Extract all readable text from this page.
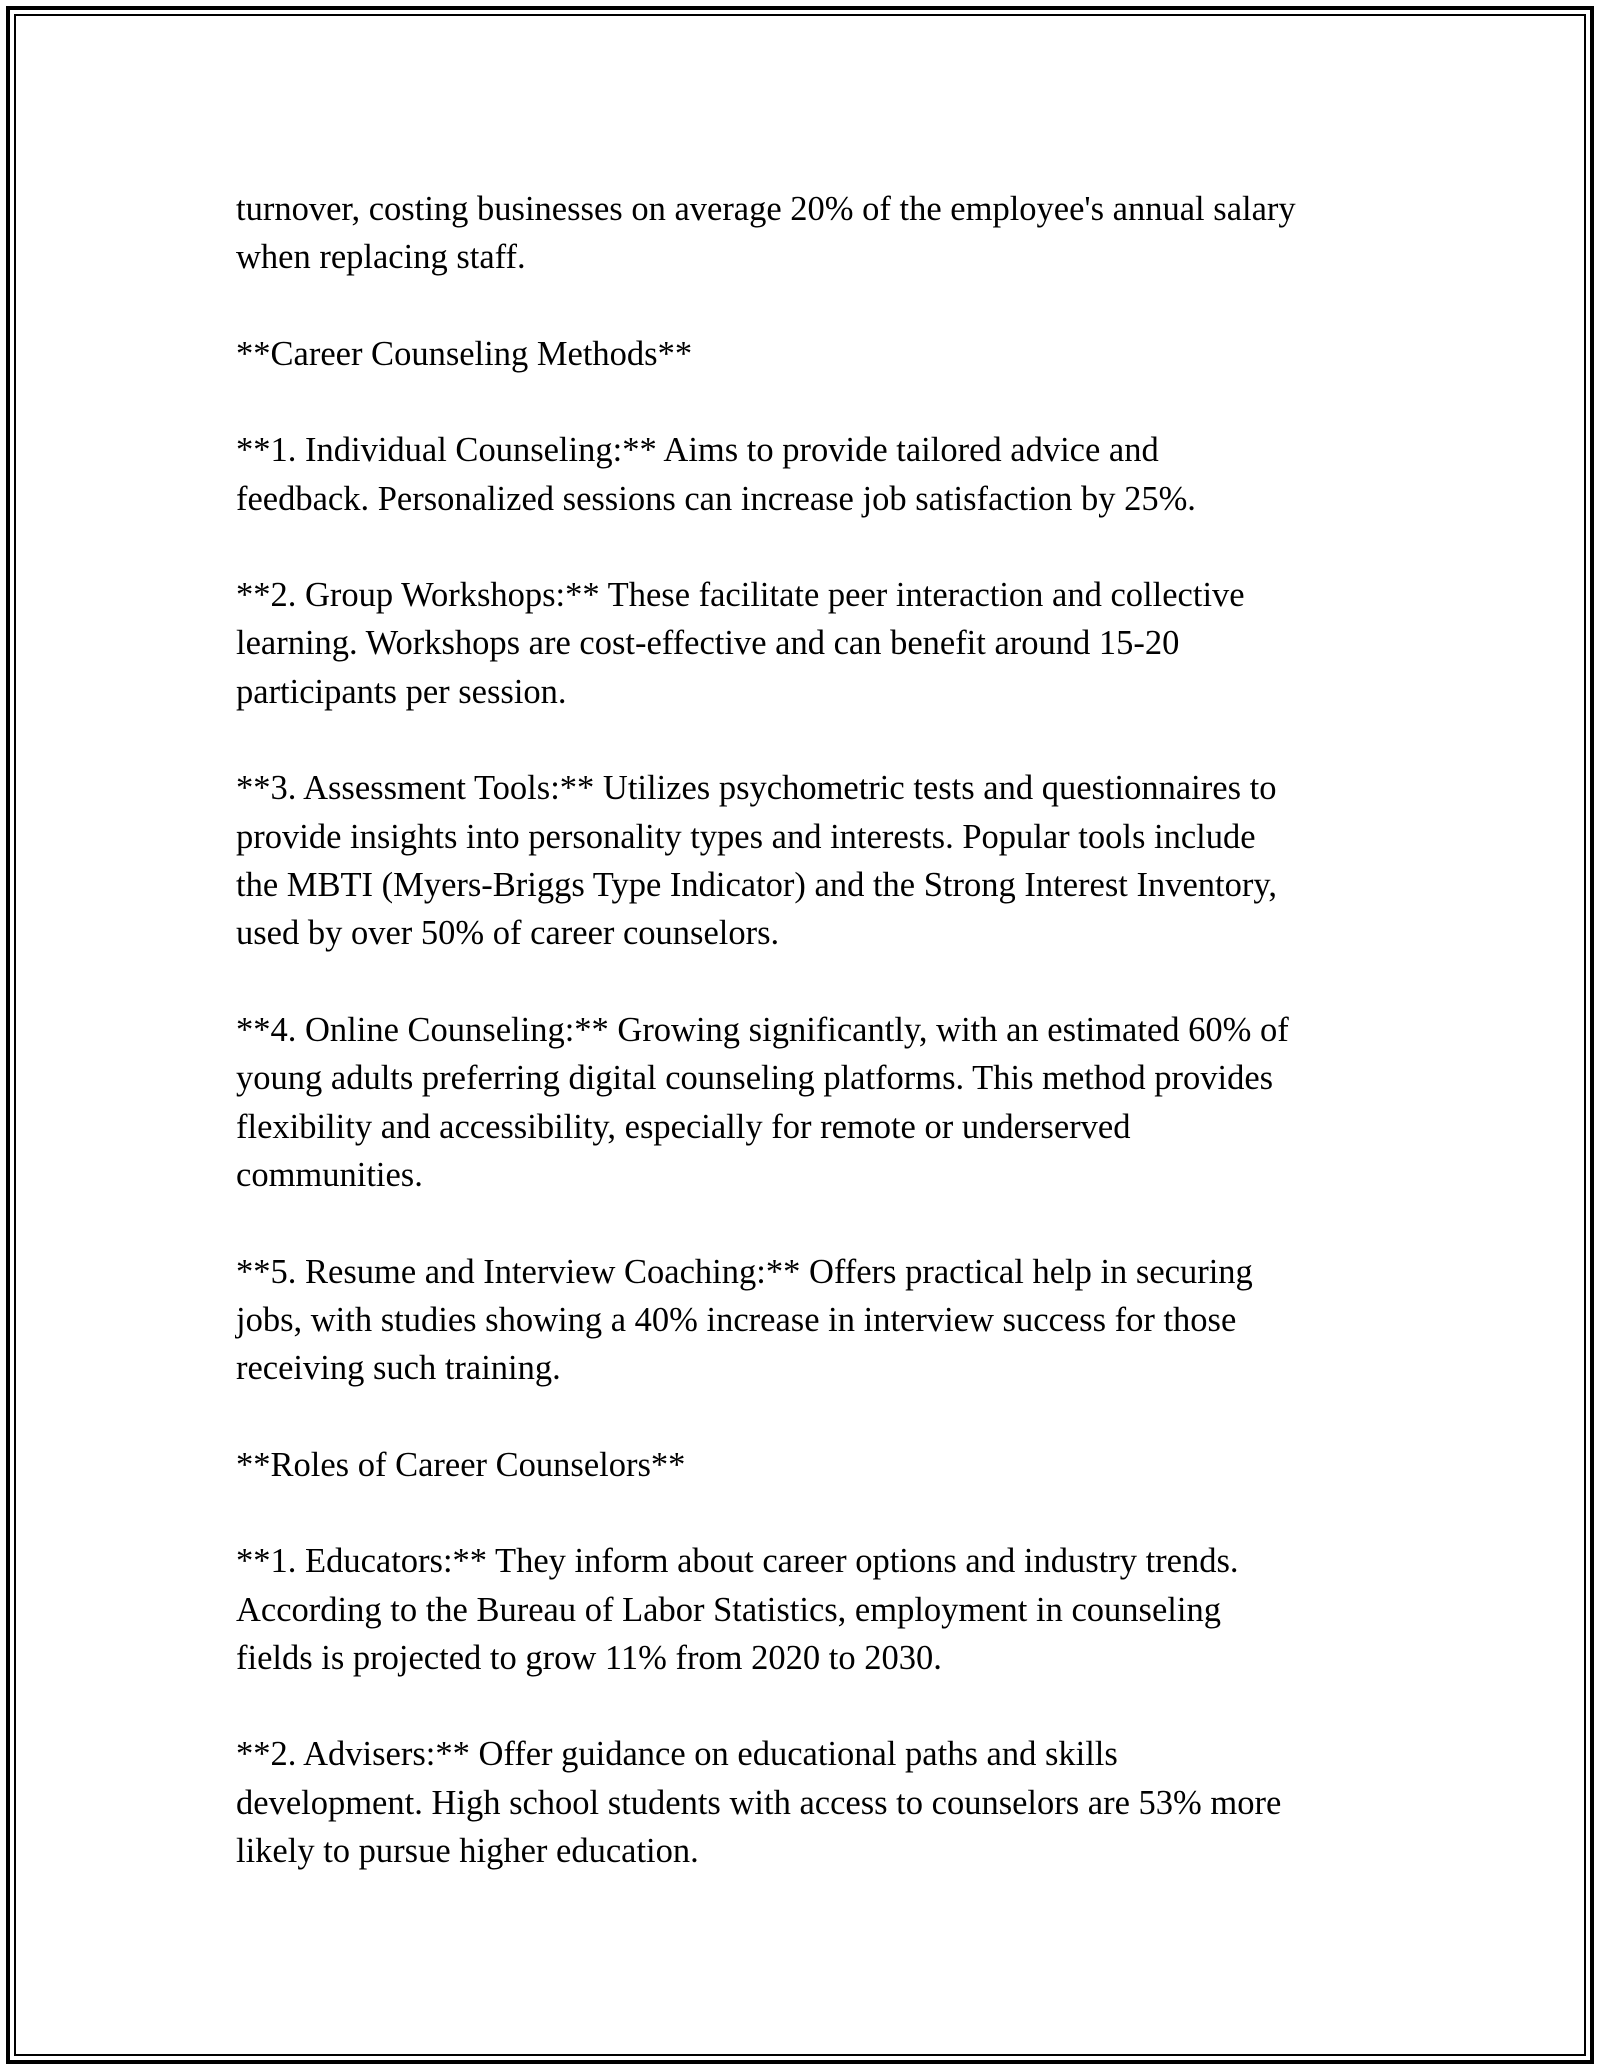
turnover, costing businesses on average 20% of the employee's annual salary
when replacing staff.

**Career Counseling Methods**

**1. Individual Counseling:** Aims to provide tailored advice and
feedback. Personalized sessions can increase job satisfaction by 25%.

**2. Group Workshops:** These facilitate peer interaction and collective
learning. Workshops are cost-effective and can benefit around 15-20
participants per session.

**3. Assessment Tools:** Utilizes psychometric tests and questionnaires to
provide insights into personality types and interests. Popular tools include
the MBTI (Myers-Briggs Type Indicator) and the Strong Interest Inventory,
used by over 50% of career counselors.

**4. Online Counseling:** Growing significantly, with an estimated 60% of
young adults preferring digital counseling platforms. This method provides
flexibility and accessibility, especially for remote or underserved
communities.

**5. Resume and Interview Coaching:** Offers practical help in securing
jobs, with studies showing a 40% increase in interview success for those
receiving such training.

**Roles of Career Counselors**

**1. Educators:** They inform about career options and industry trends.
According to the Bureau of Labor Statistics, employment in counseling
fields is projected to grow 11% from 2020 to 2030.

**2. Advisers:** Offer guidance on educational paths and skills
development. High school students with access to counselors are 53% more
likely to pursue higher education.
